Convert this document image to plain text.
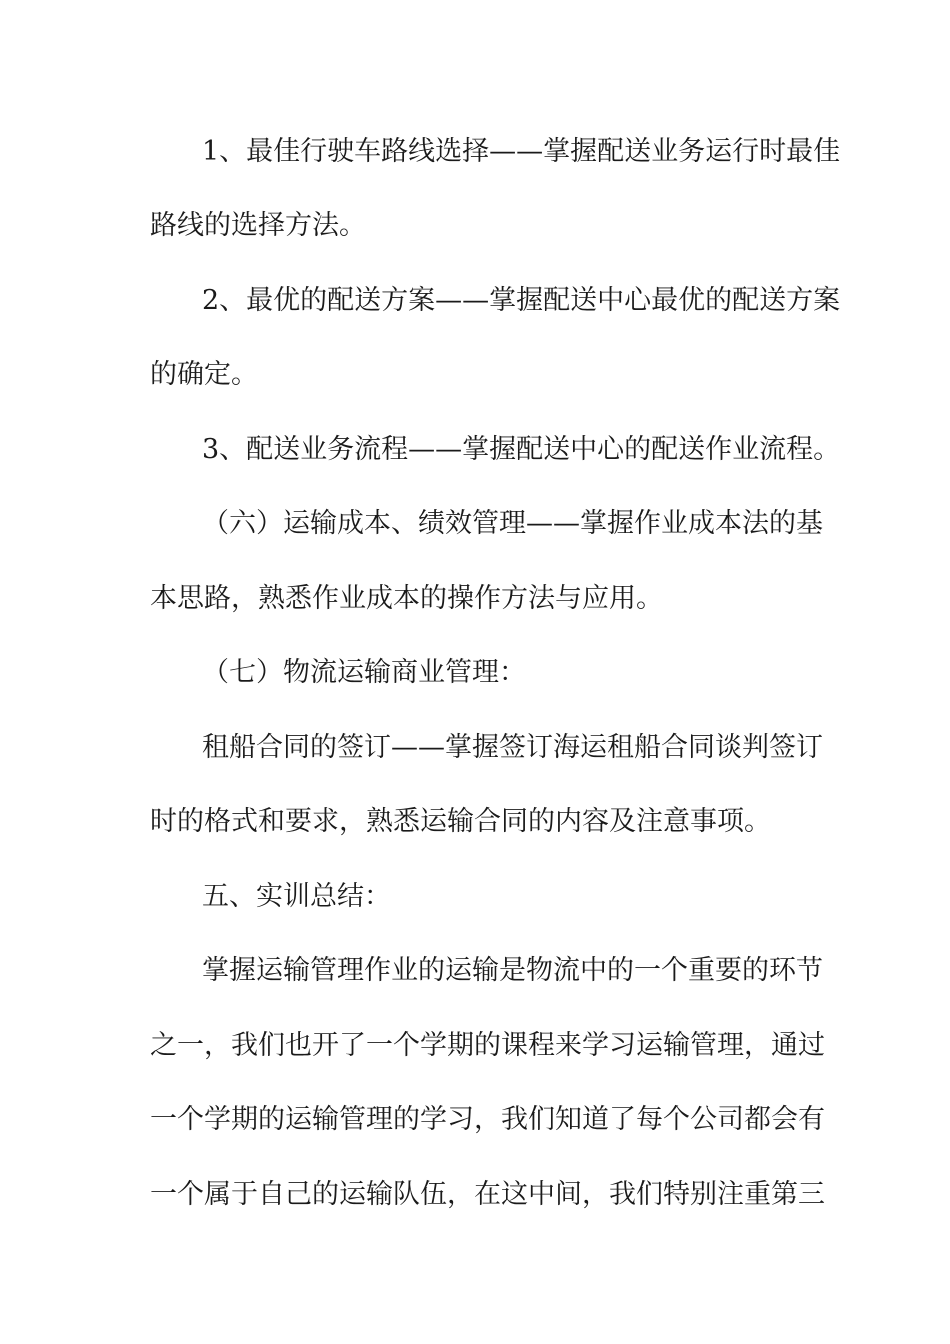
1、最佳行驶车路线选择——掌握配送业务运行时最佳
路线的选择方法。
2、最优的配送方案——掌握配送中心最优的配送方案
的确定。
3、配送业务流程——掌握配送中心的配送作业流程。
（六）运输成本、绩效管理——掌握作业成本法的基
本思路，熟悉作业成本的操作方法与应用。
（七）物流运输商业管理：
租船合同的签订——掌握签订海运租船合同谈判签订
时的格式和要求，熟悉运输合同的内容及注意事项。
五、实训总结：
掌握运输管理作业的运输是物流中的一个重要的环节
之一，我们也开了一个学期的课程来学习运输管理，通过
一个学期的运输管理的学习，我们知道了每个公司都会有
一个属于自己的运输队伍，在这中间，我们特别注重第三
